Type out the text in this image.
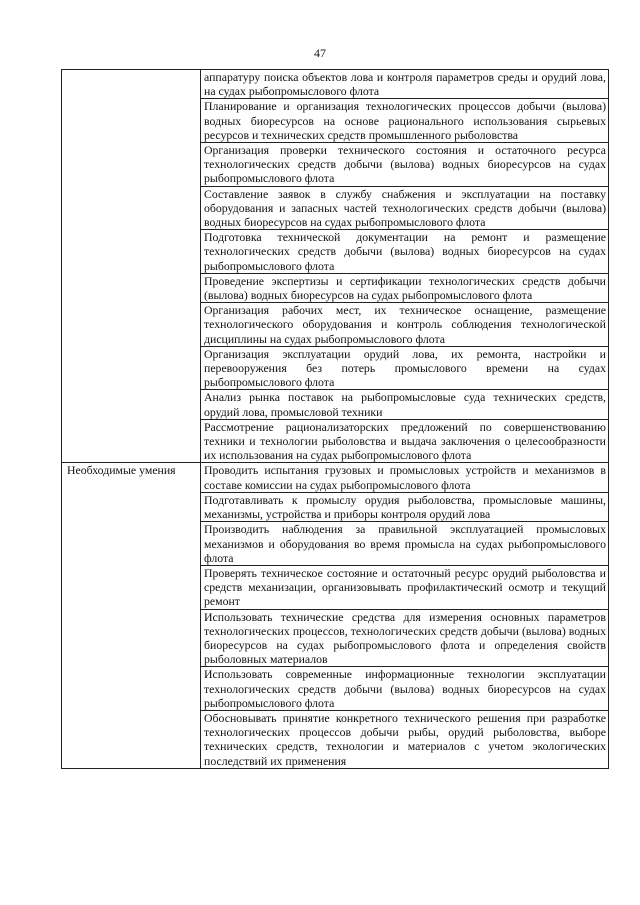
47
	аппаратуру поиска объектов лова и контроля параметров среды и орудий лова, на судах рыбопромыслового флота
	Планирование и организация технологических процессов добычи (вылова) водных биоресурсов на основе рационального использования сырьевых ресурсов и технических средств промышленного рыболовства
	Организация проверки технического состояния и остаточного ресурса технологических средств добычи (вылова) водных биоресурсов на судах рыбопромыслового флота
	Составление заявок в службу снабжения и эксплуатации на поставку оборудования и запасных частей технологических средств добычи (вылова) водных биоресурсов на судах рыбопромыслового флота
	Подготовка технической документации на ремонт и размещение технологических средств добычи (вылова) водных биоресурсов на судах рыбопромыслового флота
	Проведение экспертизы и сертификации технологических средств добычи (вылова) водных биоресурсов на судах рыбопромыслового флота
	Организация рабочих мест, их техническое оснащение, размещение технологического оборудования и контроль соблюдения технологической дисциплины на судах рыбопромыслового флота
	Организация эксплуатации орудий лова, их ремонта, настройки и перевооружения без потерь промыслового времени на судах рыбопромыслового флота
	Анализ рынка поставок на рыбопромысловые суда технических средств, орудий лова, промысловой техники
	Рассмотрение рационализаторских предложений по совершенствованию техники и технологии рыболовства и выдача заключения о целесообразности их использования на судах рыбопромыслового флота
Необходимые умения	Проводить испытания грузовых и промысловых устройств и механизмов в составе комиссии на судах рыбопромыслового флота
	Подготавливать к промыслу орудия рыболовства, промысловые машины, механизмы, устройства и приборы контроля орудий лова
	Производить наблюдения за правильной эксплуатацией промысловых механизмов и оборудования во время промысла на судах рыбопромыслового флота
	Проверять техническое состояние и остаточный ресурс орудий рыболовства и средств механизации, организовывать профилактический осмотр и текущий ремонт
	Использовать технические средства для измерения основных параметров технологических процессов, технологических средств добычи (вылова) водных биоресурсов на судах рыбопромыслового флота и определения свойств рыболовных материалов
	Использовать современные информационные технологии эксплуатации технологических средств добычи (вылова) водных биоресурсов на судах рыбопромыслового флота
	Обосновывать принятие конкретного технического решения при разработке технологических процессов добычи рыбы, орудий рыболовства, выборе технических средств, технологии и материалов с учетом экологических последствий их применения
